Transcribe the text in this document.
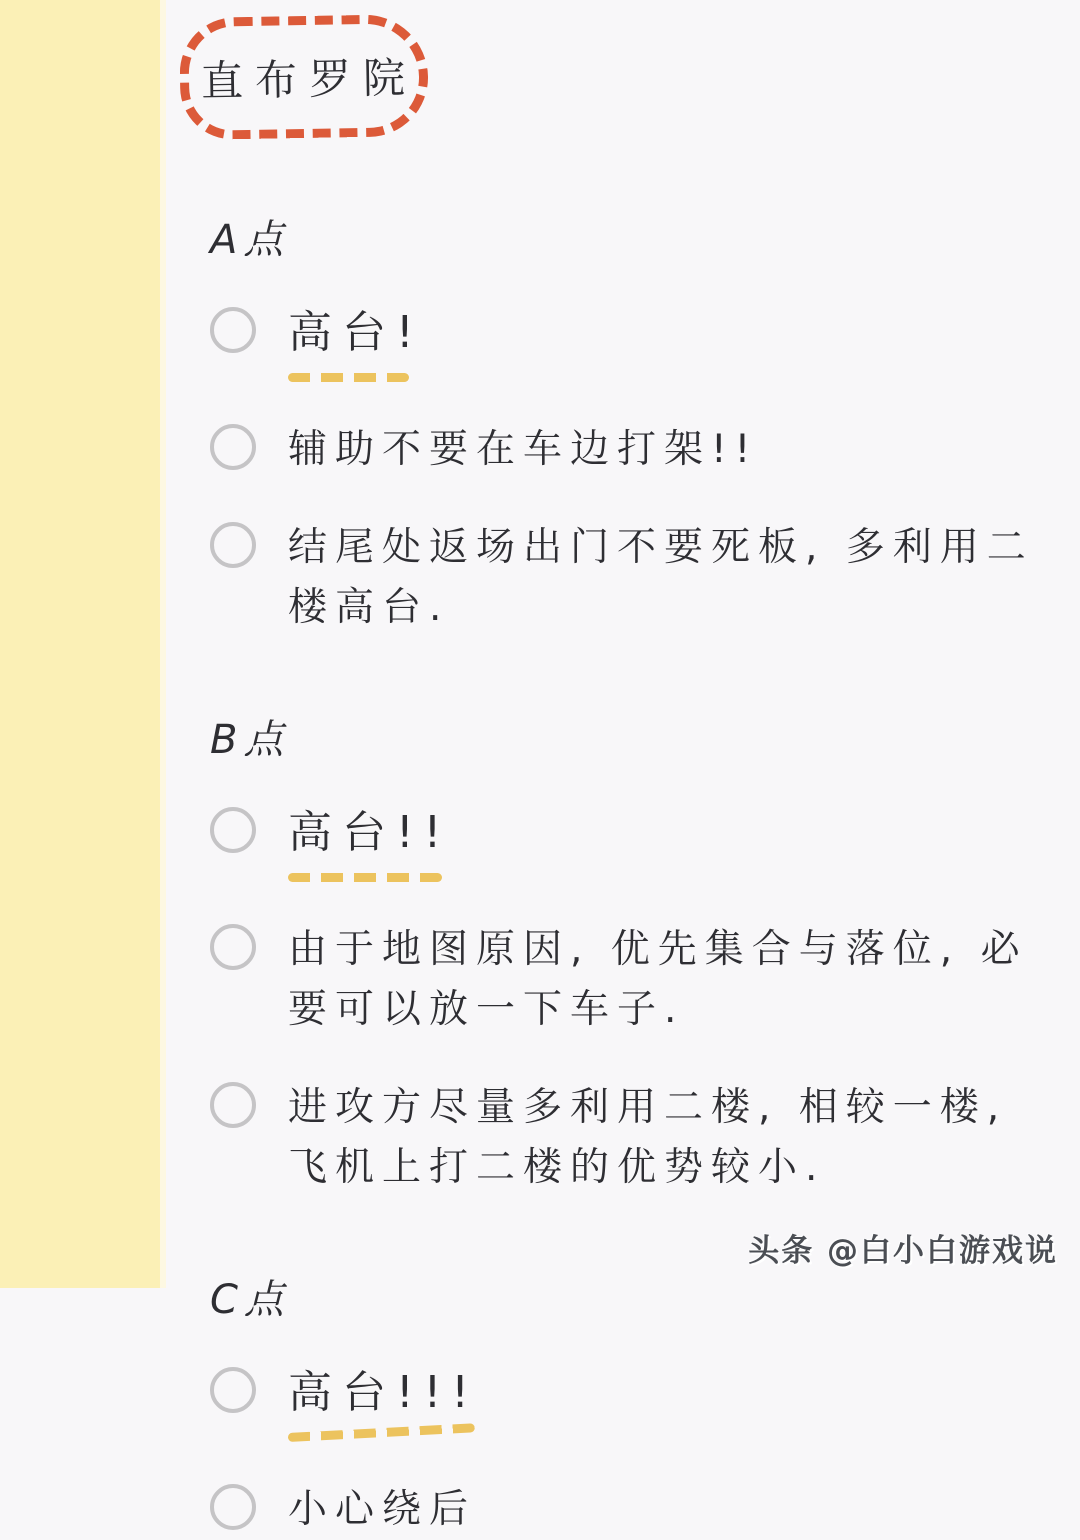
直布罗院
A点
高台!
辅助不要在车边打架!!
结尾处返场出门不要死板, 多利用二楼高台.
B点
高台!!
由于地图原因, 优先集合与落位, 必要可以放一下车子.
进攻方尽量多利用二楼, 相较一楼, 飞机上打二楼的优势较小.
C点
高台!!!
小心绕后
头条 @白小白游戏说
